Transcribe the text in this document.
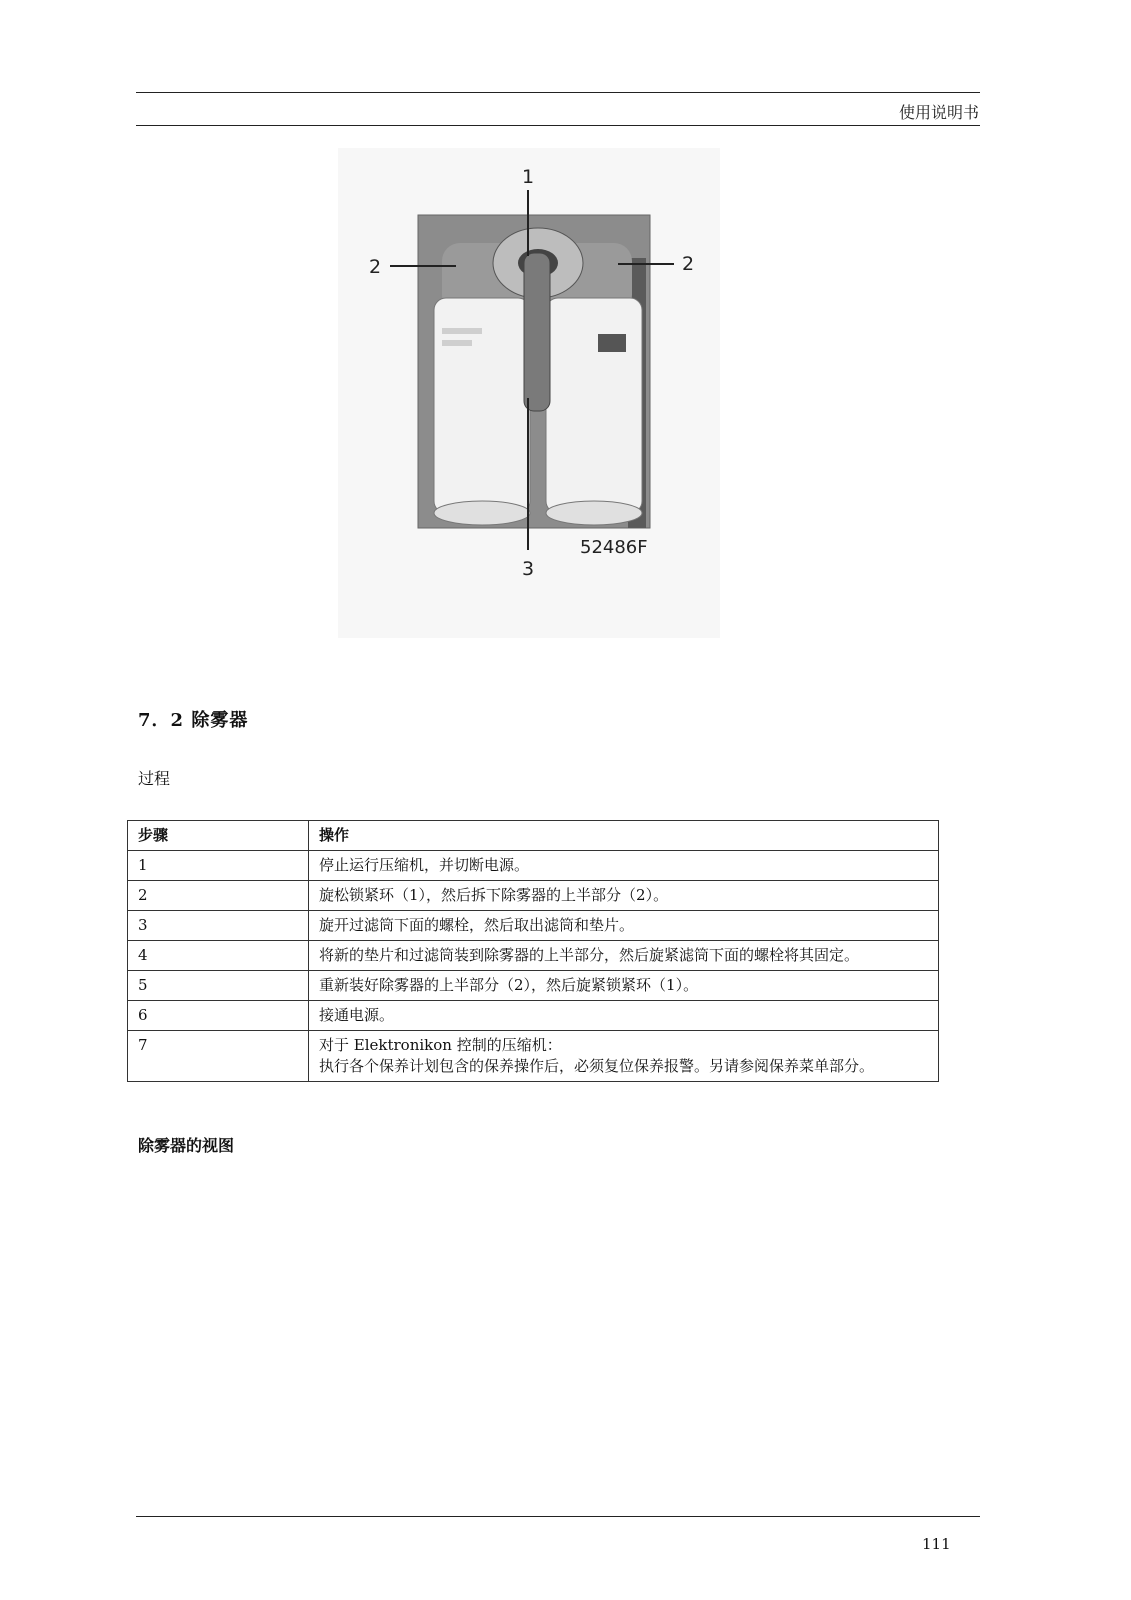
使用说明书
1
2	2
3
52486F
7．2 除雾器
过程
步骤	操作
1	停止运行压缩机，并切断电源。
2	旋松锁紧环（1），然后拆下除雾器的上半部分（2）。
3	旋开过滤筒下面的螺栓，然后取出滤筒和垫片。
4	将新的垫片和过滤筒装到除雾器的上半部分，然后旋紧滤筒下面的螺栓将其固定。
5	重新装好除雾器的上半部分（2），然后旋紧锁紧环（1）。
6	接通电源。
7	对于 Elektronikon 控制的压缩机：
执行各个保养计划包含的保养操作后，必须复位保养报警。另请参阅保养菜单部分。
除雾器的视图
111
